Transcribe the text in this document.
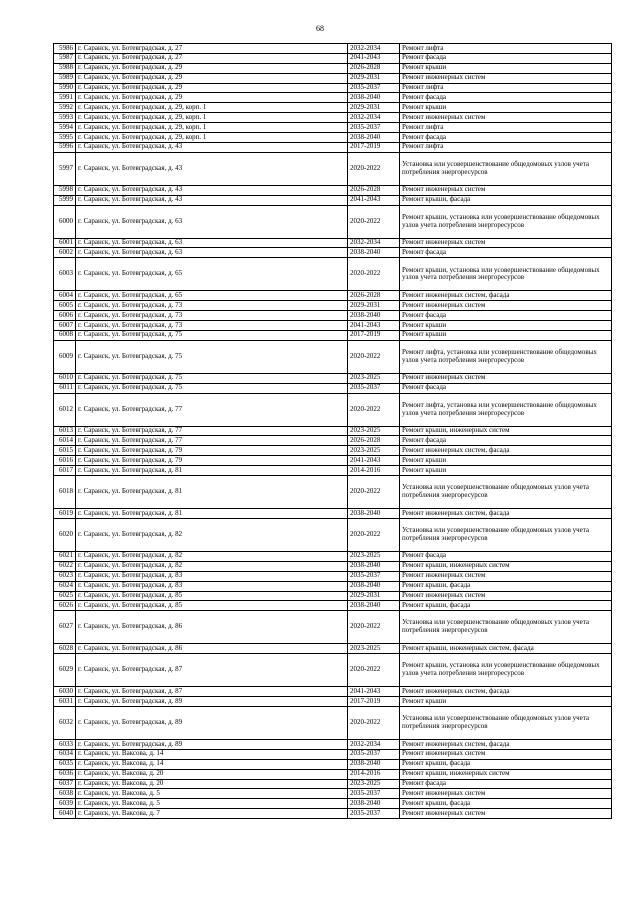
68
5986	г. Саранск, ул. Ботевградская, д. 27	2032-2034	Ремонт лифта
5987	г. Саранск, ул. Ботевградская, д. 27	2041-2043	Ремонт фасада
5988	г. Саранск, ул. Ботевградская, д. 29	2026-2028	Ремонт крыши
5989	г. Саранск, ул. Ботевградская, д. 29	2029-2031	Ремонт инженерных систем
5990	г. Саранск, ул. Ботевградская, д. 29	2035-2037	Ремонт лифта
5991	г. Саранск, ул. Ботевградская, д. 29	2038-2040	Ремонт фасада
5992	г. Саранск, ул. Ботевградская, д. 29, корп. 1	2029-2031	Ремонт крыши
5993	г. Саранск, ул. Ботевградская, д. 29, корп. 1	2032-2034	Ремонт инженерных систем
5994	г. Саранск, ул. Ботевградская, д. 29, корп. 1	2035-2037	Ремонт лифта
5995	г. Саранск, ул. Ботевградская, д. 29, корп. 1	2038-2040	Ремонт фасада
5996	г. Саранск, ул. Ботевградская, д. 43	2017-2019	Ремонт лифта
5997	г. Саранск, ул. Ботевградская, д. 43	2020-2022	Установка или усовершенствование общедомовых узлов учета потребления энергоресурсов
5998	г. Саранск, ул. Ботевградская, д. 43	2026-2028	Ремонт инженерных систем
5999	г. Саранск, ул. Ботевградская, д. 43	2041-2043	Ремонт крыши, фасада
6000	г. Саранск, ул. Ботевградская, д. 63	2020-2022	Ремонт крыши, установка или усовершенствование общедомовых узлов учета потребления энергоресурсов
6001	г. Саранск, ул. Ботевградская, д. 63	2032-2034	Ремонт инженерных систем
6002	г. Саранск, ул. Ботевградская, д. 63	2038-2040	Ремонт фасада
6003	г. Саранск, ул. Ботевградская, д. 65	2020-2022	Ремонт крыши, установка или усовершенствование общедомовых узлов учета потребления энергоресурсов
6004	г. Саранск, ул. Ботевградская, д. 65	2026-2028	Ремонт инженерных систем, фасада
6005	г. Саранск, ул. Ботевградская, д. 73	2029-2031	Ремонт инженерных систем
6006	г. Саранск, ул. Ботевградская, д. 73	2038-2040	Ремонт фасада
6007	г. Саранск, ул. Ботевградская, д. 73	2041-2043	Ремонт крыши
6008	г. Саранск, ул. Ботевградская, д. 75	2017-2019	Ремонт крыши
6009	г. Саранск, ул. Ботевградская, д. 75	2020-2022	Ремонт лифта, установка или усовершенствование общедомовых узлов учета потребления энергоресурсов
6010	г. Саранск, ул. Ботевградская, д. 75	2023-2025	Ремонт инженерных систем
6011	г. Саранск, ул. Ботевградская, д. 75	2035-2037	Ремонт фасада
6012	г. Саранск, ул. Ботевградская, д. 77	2020-2022	Ремонт лифта, установка или усовершенствование общедомовых узлов учета потребления энергоресурсов
6013	г. Саранск, ул. Ботевградская, д. 77	2023-2025	Ремонт крыши, инженерных систем
6014	г. Саранск, ул. Ботевградская, д. 77	2026-2028	Ремонт фасада
6015	г. Саранск, ул. Ботевградская, д. 79	2023-2025	Ремонт инженерных систем, фасада
6016	г. Саранск, ул. Ботевградская, д. 79	2041-2043	Ремонт крыши
6017	г. Саранск, ул. Ботевградская, д. 81	2014-2016	Ремонт крыши
6018	г. Саранск, ул. Ботевградская, д. 81	2020-2022	Установка или усовершенствование общедомовых узлов учета потребления энергоресурсов
6019	г. Саранск, ул. Ботевградская, д. 81	2038-2040	Ремонт инженерных систем, фасада
6020	г. Саранск, ул. Ботевградская, д. 82	2020-2022	Установка или усовершенствование общедомовых узлов учета потребления энергоресурсов
6021	г. Саранск, ул. Ботевградская, д. 82	2023-2025	Ремонт фасада
6022	г. Саранск, ул. Ботевградская, д. 82	2038-2040	Ремонт крыши, инженерных систем
6023	г. Саранск, ул. Ботевградская, д. 83	2035-2037	Ремонт инженерных систем
6024	г. Саранск, ул. Ботевградская, д. 83	2038-2040	Ремонт крыши, фасада
6025	г. Саранск, ул. Ботевградская, д. 85	2029-2031	Ремонт инженерных систем
6026	г. Саранск, ул. Ботевградская, д. 85	2038-2040	Ремонт крыши, фасада
6027	г. Саранск, ул. Ботевградская, д. 86	2020-2022	Установка или усовершенствование общедомовых узлов учета потребления энергоресурсов
6028	г. Саранск, ул. Ботевградская, д. 86	2023-2025	Ремонт крыши, инженерных систем, фасада
6029	г. Саранск, ул. Ботевградская, д. 87	2020-2022	Ремонт крыши, установка или усовершенствование общедомовых узлов учета потребления энергоресурсов
6030	г. Саранск, ул. Ботевградская, д. 87	2041-2043	Ремонт инженерных систем, фасада
6031	г. Саранск, ул. Ботевградская, д. 89	2017-2019	Ремонт крыши
6032	г. Саранск, ул. Ботевградская, д. 89	2020-2022	Установка или усовершенствование общедомовых узлов учета потребления энергоресурсов
6033	г. Саранск, ул. Ботевградская, д. 89	2032-2034	Ремонт инженерных систем, фасада
6034	г. Саранск, ул. Ваксова, д. 14	2035-2037	Ремонт инженерных систем
6035	г. Саранск, ул. Ваксова, д. 14	2038-2040	Ремонт крыши, фасада
6036	г. Саранск, ул. Ваксова, д. 20	2014-2016	Ремонт крыши, инженерных систем
6037	г. Саранск, ул. Ваксова, д. 20	2023-2025	Ремонт фасада
6038	г. Саранск, ул. Ваксова, д. 5	2035-2037	Ремонт инженерных систем
6039	г. Саранск, ул. Ваксова, д. 5	2038-2040	Ремонт крыши, фасада
6040	г. Саранск, ул. Ваксова, д. 7	2035-2037	Ремонт инженерных систем
